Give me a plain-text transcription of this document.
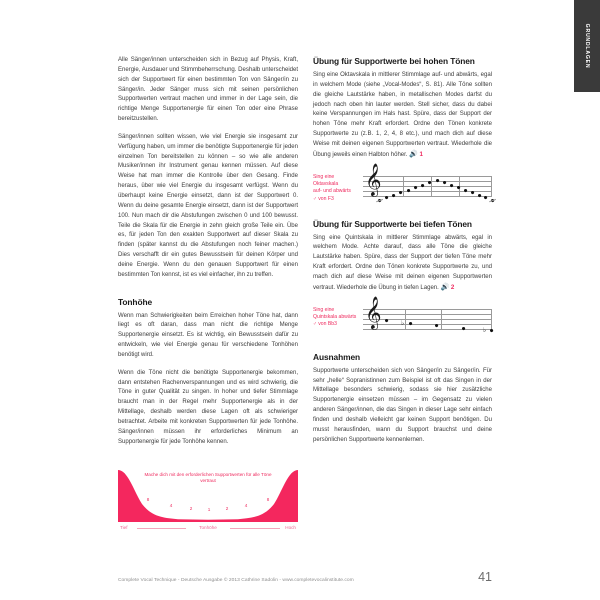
GRUNDLAGEN

Alle Sänger/innen unterscheiden sich in Bezug auf Physis, Kraft, Energie, Ausdauer und Stimmbeherrschung. Deshalb unterscheidet sich der Supportwert für einen bestimmten Ton von Sänger/in zu Sänger/in. Jeder Sänger muss sich mit seinen persönlichen Supportwerten vertraut machen und immer in der Lage sein, die richtige Menge Supportenergie für einen Ton oder eine Phrase bereitzustellen.

Sänger/innen sollten wissen, wie viel Energie sie insgesamt zur Verfügung haben, um immer die benötigte Supportenergie für jeden einzelnen Ton bereitstellen zu können – so wie alle anderen Musiker/innen ihr Instrument genau kennen müssen. Auf diese Weise hat man immer die Kontrolle über den Gesang. Finde heraus, über wie viel Energie du insgesamt verfügst. Wenn du überhaupt keine Energie einsetzt, dann ist der Supportwert 0. Wenn du deine gesamte Energie einsetzt, dann ist der Supportwert 100. Nun mach dir die Abstufungen zwischen 0 und 100 bewusst. Teile die Skala für die Energie in zehn gleich große Teile ein. Übe es, für jeden Ton den exakten Supportwert auf dieser Skala zu finden (später kannst du die Abstufungen noch feiner machen.) Dies verschafft dir ein gutes Bewusstsein für deinen Körper und deine Energie. Wenn du den genauen Supportwert für einen bestimmten Ton kennst, ist es viel einfacher, ihn zu treffen.

Tonhöhe

Wenn man Schwierigkeiten beim Erreichen hoher Töne hat, dann liegt es oft daran, dass man nicht die richtige Menge Supportenergie einsetzt. Es ist wichtig, ein Bewusstsein dafür zu entwickeln, wie viel Energie genau für verschiedene Tonhöhen benötigt wird.

Wenn die Töne nicht die benötigte Supportenergie bekommen, dann entstehen Rachenverspannungen und es wird schwierig, die Töne in guter Qualität zu singen. In hoher und tiefer Stimmlage braucht man in der Regel mehr Supportenergie als in der Mittellage, deshalb werden diese Lagen oft als schwieriger betrachtet. Arbeite mit konkreten Supportwerten für jede Tonhöhe. Sänger/innen müssen ihr erforderliches Minimum an Supportenergie für jede Tonhöhe kennen.

16	16
Mache dich mit den erforderlichen Supportwerten für alle Töne vertraut
8
4
2	1	2
4
8
Tief	Tonhöhe	Hoch
Übung für Supportwerte bei hohen Tönen

Sing eine Oktavskala in mittlerer Stimmlage auf- und abwärts, egal in welchem Mode (siehe „Vocal-Modes“, S. 81). Alle Töne sollten die gleiche Lautstärke haben, in metallischen Modes darfst du jedoch nach oben hin lauter werden. Stell sicher, dass du dabei keine Verspannungen im Hals hast. Spüre, dass der Support der hohen Töne mehr Kraft erfordert. Ordne den Tönen konkrete Supportwerte zu (z.B. 1, 2, 4, 8 etc.), und mach dich auf diese Weise mit deinen eigenen Supportwerten vertraut. Wiederhole die Übung jeweils einen Halbton höher. 🔊 1

Sing eine
Oktavskala
auf- und abwärts
♂ von F3
𝄞
Übung für Supportwerte bei tiefen Tönen

Sing eine Quintskala in mittlerer Stimmlage abwärts, egal in welchem Mode. Achte darauf, dass alle Töne die gleiche Lautstärke haben. Spüre, dass der Support der tiefen Töne mehr Kraft erfordert. Ordne den Tönen konkrete Supportwerte zu, und mach dich auf diese Weise mit deinen eigenen Supportwerten vertraut. Wiederhole die Übung in tiefen Lagen. 🔊 2

Sing eine
Quintskala abwärts
♂ von Bb3	𝄞	♭
♭
Ausnahmen

Supportwerte unterscheiden sich von Sänger/in zu Sänger/in. Für sehr „helle“ Sopranistinnen zum Beispiel ist oft das Singen in der Mittellage besonders schwierig, sodass sie hier zusätzliche Supportenergie einsetzen müssen – im Gegensatz zu vielen anderen Sänger/innen, die das Singen in dieser Lage sehr einfach finden und deshalb vielleicht gar keinen Support benötigen. Du musst herausfinden, wann du Support brauchst und deine persönlichen Supportwerte kennenlernen.

Complete Vocal Technique - Deutsche Ausgabe © 2013 Cathrine Sadolin - www.completevocalinstitute.com	41
